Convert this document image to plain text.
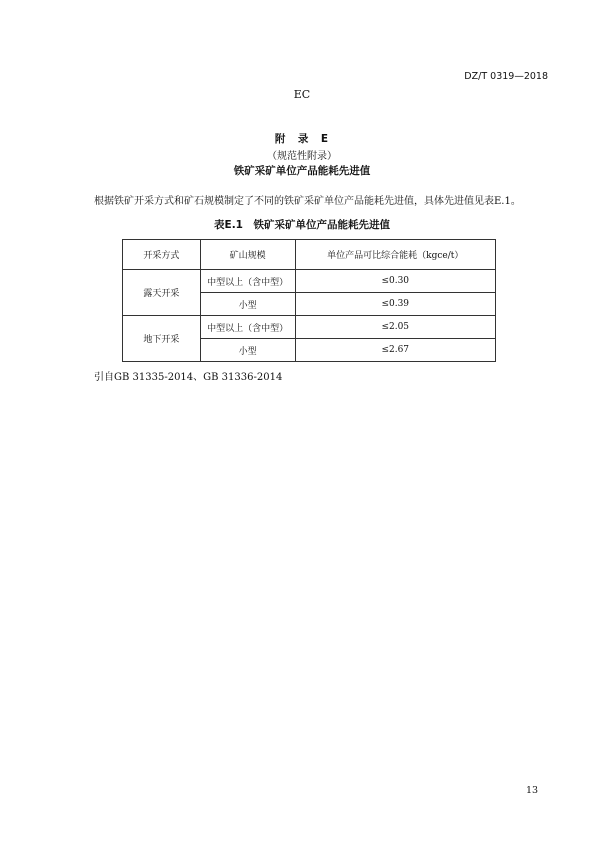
DZ/T 0319—2018
EC
附　录　E
（规范性附录）
铁矿采矿单位产品能耗先进值
根据铁矿开采方式和矿石规模制定了不同的铁矿采矿单位产品能耗先进值，具体先进值见表E.1。
表E.1　铁矿采矿单位产品能耗先进值
开采方式	矿山规模	单位产品可比综合能耗（kgce/t）
露天开采	中型以上（含中型）	≤0.30
	小型	≤0.39
地下开采	中型以上（含中型）	≤2.05
	小型	≤2.67
引自GB 31335-2014、GB 31336-2014
13
